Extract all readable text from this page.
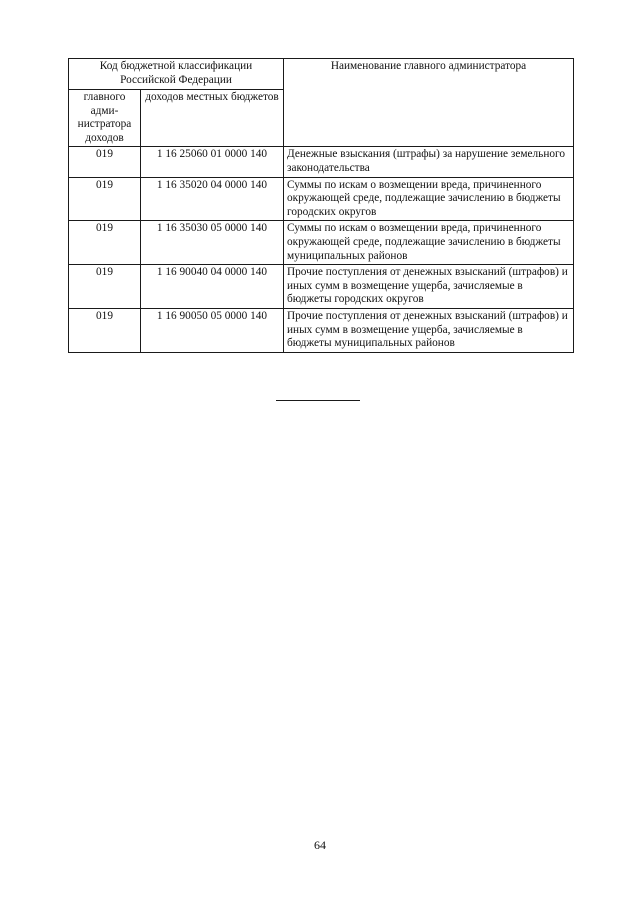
Код бюджетной классификации Российской Федерации		Наименование главного администратора
главного адми-нистратора доходов	доходов местных бюджетов	
019	1 16 25060 01 0000 140	Денежные взыскания (штрафы) за нарушение земельного законодательства
019	1 16 35020 04 0000 140	Суммы по искам о возмещении вреда, причиненного окружающей среде, подлежащие зачислению в бюджеты городских округов
019	1 16 35030 05 0000 140	Суммы по искам о возмещении вреда, причиненного окружающей среде, подлежащие зачислению в бюджеты муниципальных районов
019	1 16 90040 04 0000 140	Прочие поступления от денежных взысканий (штрафов) и иных сумм в возмещение ущерба, зачисляемые в бюджеты городских округов
019	1 16 90050 05 0000 140	Прочие поступления от денежных взысканий (штрафов) и иных сумм в возмещение ущерба, зачисляемые в бюджеты муниципальных районов
64
